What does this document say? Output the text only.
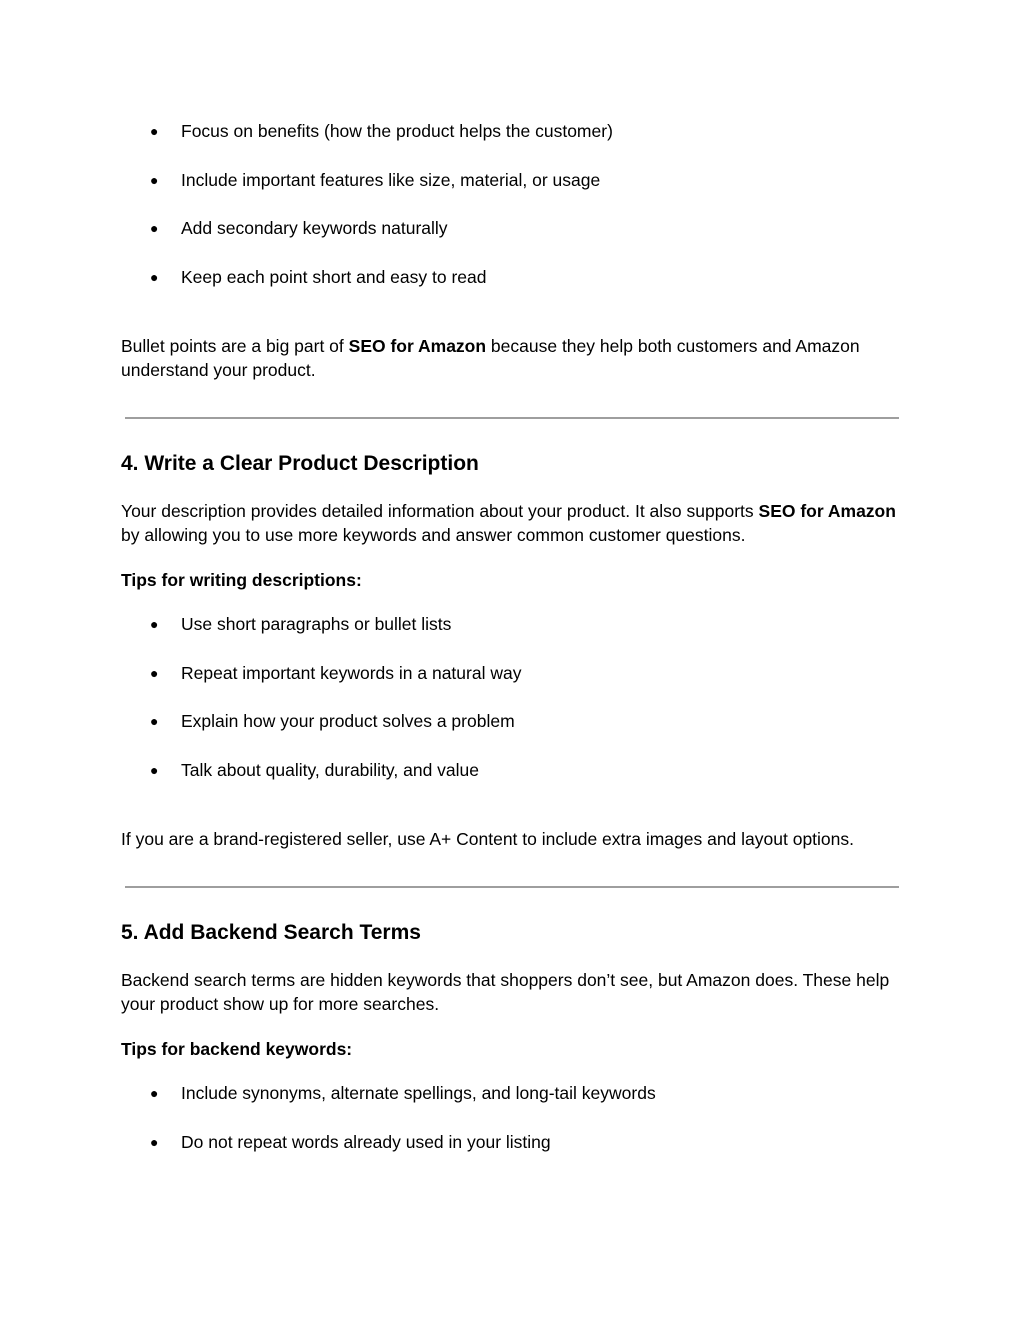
● Focus on benefits (how the product helps the customer)
● Include important features like size, material, or usage
● Add secondary keywords naturally
● Keep each point short and easy to read
Bullet points are a big part of SEO for Amazon because they help both customers and Amazon understand your product.
4. Write a Clear Product Description
Your description provides detailed information about your product. It also supports SEO for Amazon by allowing you to use more keywords and answer common customer questions.
Tips for writing descriptions:
● Use short paragraphs or bullet lists
● Repeat important keywords in a natural way
● Explain how your product solves a problem
● Talk about quality, durability, and value
If you are a brand-registered seller, use A+ Content to include extra images and layout options.
5. Add Backend Search Terms
Backend search terms are hidden keywords that shoppers don’t see, but Amazon does. These help your product show up for more searches.
Tips for backend keywords:
● Include synonyms, alternate spellings, and long-tail keywords
● Do not repeat words already used in your listing
